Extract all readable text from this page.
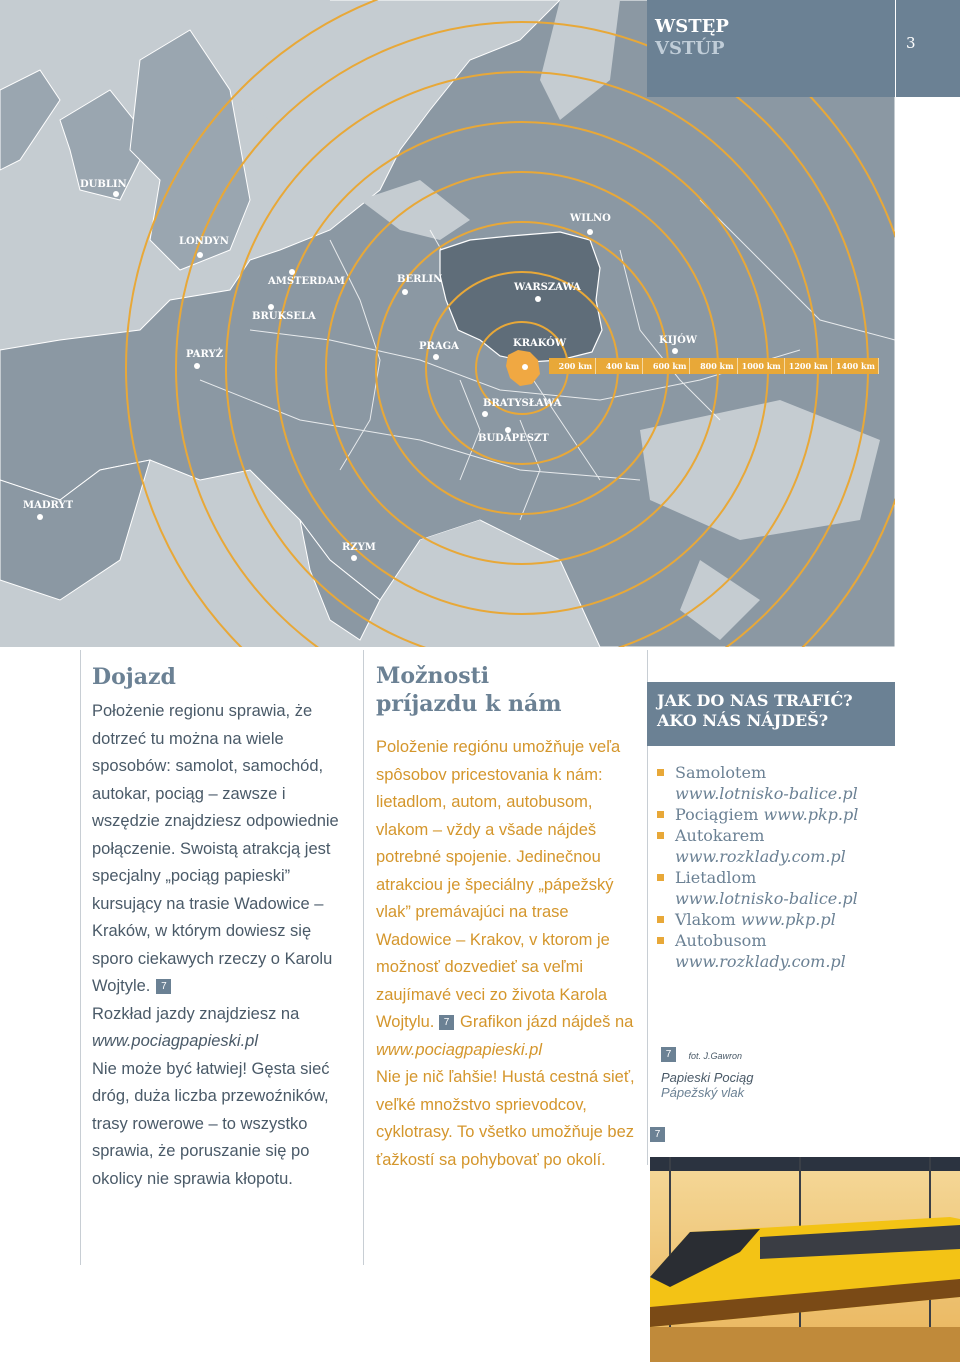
DUBLIN
LONDYN
AMSTERDAM
BRUKSELA
PARYŻ
BERLIN
WARSZAWA
WILNO
PRAGA	KRAKÓW	KIJÓW
BRATYSŁAWA
BUDAPESZT
MADRYT
RZYM
200 km	400 km	600 km	800 km	1000 km	1200 km	1400 km
WSTĘP
VSTÚP	3
Dojazd

Położenie regionu sprawia, że dotrzeć tu można na wiele sposobów: samolot, samochód, autokar, pociąg – zawsze i wszędzie znajdziesz odpowiednie połączenie. Swoistą atrakcją jest specjalny „pociąg papieski” kursujący na trasie Wadowice – Kraków, w którym dowiesz się sporo ciekawych rzeczy o Karolu Wojtyle. 7

Rozkład jazdy znajdziesz na www.pociagpapieski.pl

Nie może być łatwiej! Gęsta sieć dróg, duża liczba przewoźników, trasy rowerowe – to wszystko sprawia, że poruszanie się po okolicy nie sprawia kłopotu.

Možnosti
príjazdu k nám

Položenie regiónu umožňuje veľa spôsobov pricestovania k nám: lietadlom, autom, autobusom, vlakom – vždy a všade nájdeš potrebné spojenie. Jedinečnou atrakciou je špeciálny „pápežský vlak” premávajúci na trase Wadowice – Krakov, v ktorom je možnosť dozvedieť sa veľmi zaujímavé veci zo života Karola Wojtylu. 7 Grafikon jázd nájdeš na

www.pociagpapieski.pl

Nie je nič ľahšie! Hustá cestná sieť, veľké množstvo sprievodcov, cyklotrasy. To všetko umožňuje bez ťažkostí sa pohybovať po okolí.

JAK DO NAS TRAFIĆ?
AKO NÁS NÁJDEŠ?
Samolotem
www.lotnisko-balice.pl
Pociągiem www.pkp.pl
Autokarem
www.rozklady.com.pl
Lietadlom
www.lotnisko-balice.pl
Vlakom www.pkp.pl
Autobusom
www.rozklady.com.pl
7 fot. J.Gawron
Papieski Pociąg
Pápežský vlak
7
